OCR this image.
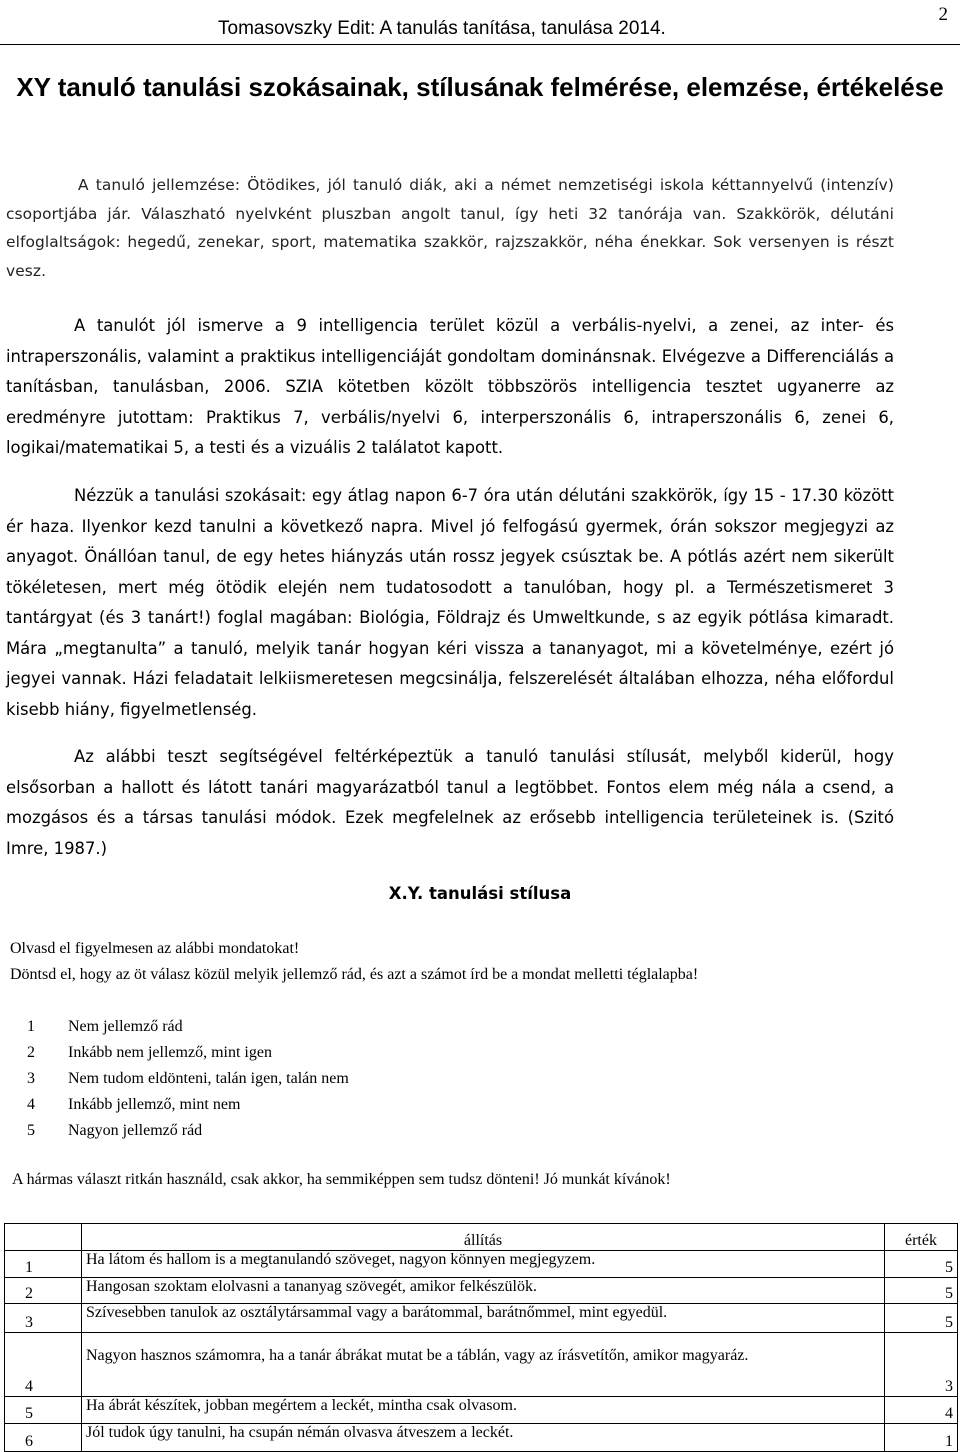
Tomasovszky Edit: A tanulás tanítása, tanulása 2014.
2
XY tanuló tanulási szokásainak, stílusának felmérése, elemzése, értékelése

A tanuló jellemzése: Ötödikes, jól tanuló diák, aki a német nemzetiségi iskola kéttannyelvű (intenzív) csoportjába jár. Válaszható nyelvként pluszban angolt tanul, így heti 32 tanórája van. Szakkörök, délutáni elfoglaltságok: hegedű, zenekar, sport, matematika szakkör, rajzszakkör, néha énekkar. Sok versenyen is részt vesz.

A tanulót jól ismerve a 9 intelligencia terület közül a verbális-nyelvi, a zenei, az inter- és intraperszonális, valamint a praktikus intelligenciáját gondoltam dominánsnak. Elvégezve a Differenciálás a tanításban, tanulásban, 2006. SZIA kötetben közölt többszörös intelligencia tesztet ugyanerre az eredményre jutottam: Praktikus 7, verbális/nyelvi 6, interperszonális 6, intraperszonális 6, zenei 6, logikai/matematikai 5, a testi és a vizuális 2 találatot kapott.

Nézzük a tanulási szokásait: egy átlag napon 6-7 óra után délutáni szakkörök, így 15 - 17.30 között ér haza. Ilyenkor kezd tanulni a következő napra. Mivel jó felfogású gyermek, órán sokszor megjegyzi az anyagot. Önállóan tanul, de egy hetes hiányzás után rossz jegyek csúsztak be. A pótlás azért nem sikerült tökéletesen, mert még ötödik elején nem tudatosodott a tanulóban, hogy pl. a Természetismeret 3 tantárgyat (és 3 tanárt!) foglal magában: Biológia, Földrajz és Umweltkunde, s az egyik pótlása kimaradt. Mára „megtanulta” a tanuló, melyik tanár hogyan kéri vissza a tananyagot, mi a követelménye, ezért jó jegyei vannak. Házi feladatait lelkiismeretesen megcsinálja, felszerelését általában elhozza, néha előfordul kisebb hiány, figyelmetlenség.

Az alábbi teszt segítségével feltérképeztük a tanuló tanulási stílusát, melyből kiderül, hogy elsősorban a hallott és látott tanári magyarázatból tanul a legtöbbet. Fontos elem még nála a csend, a mozgásos és a társas tanulási módok. Ezek megfelelnek az erősebb intelligencia területeinek is. (Szitó Imre, 1987.)

X.Y. tanulási stílusa
Olvasd el figyelmesen az alábbi mondatokat!
Döntsd el, hogy az öt válasz közül melyik jellemző rád, és azt a számot írd be a mondat melletti téglalapba!
1 Nem jellemző rád
2 Inkább nem jellemző, mint igen
3 Nem tudom eldönteni, talán igen, talán nem
4 Inkább jellemző, mint nem
5 Nagyon jellemző rád
A hármas választ ritkán használd, csak akkor, ha semmiképpen sem tudsz dönteni! Jó munkát kívánok!
	állítás	érték
1	Ha látom és hallom is a megtanulandó szöveget, nagyon könnyen megjegyzem.	5
2	Hangosan szoktam elolvasni a tananyag szövegét, amikor felkészülök.	5
3	Szívesebben tanulok az osztálytársammal vagy a barátommal, barátnőmmel, mint egyedül.	5
4	Nagyon hasznos számomra, ha a tanár ábrákat mutat be a táblán, vagy az írásvetítőn, amikor magyaráz.	3
5	Ha ábrát készítek, jobban megértem a leckét, mintha csak olvasom.	4
6	Jól tudok úgy tanulni, ha csupán némán olvasva átveszem a leckét.	1
